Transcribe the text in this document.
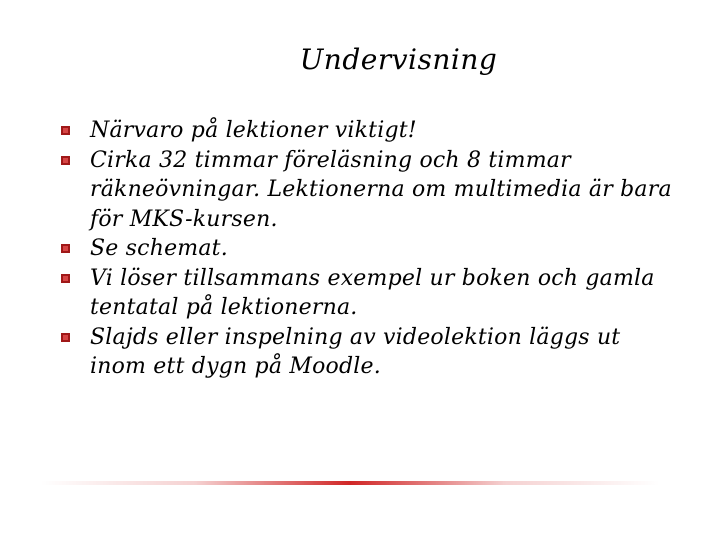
Undervisning
Närvaro på lektioner viktigt!
Cirka 32 timmar föreläsning och 8 timmar räkneövningar. Lektionerna om multimedia är bara för MKS-kursen.
Se schemat.
Vi löser tillsammans exempel ur boken och gamla tentatal på lektionerna.
Slajds eller inspelning av videolektion läggs ut inom ett dygn på Moodle.
